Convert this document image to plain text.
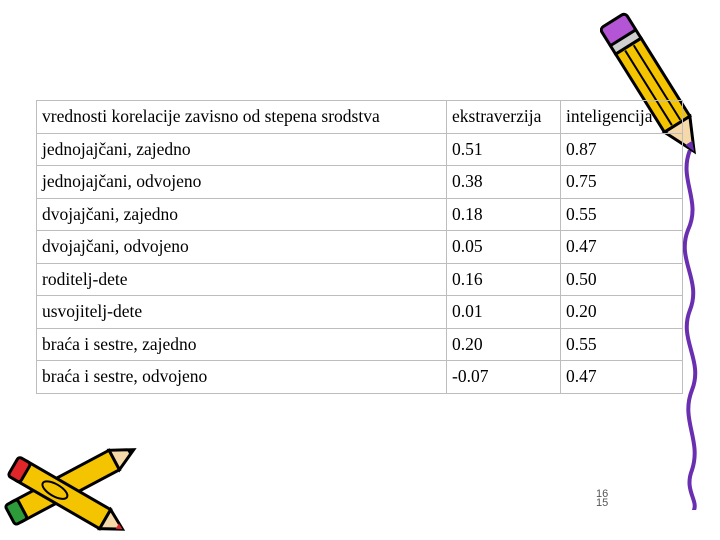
vrednosti korelacije zavisno od stepena srodstva	ekstraverzija	inteligencija
jednojajčani, zajedno	0.51	0.87
jednojajčani, odvojeno	0.38	0.75
dvojajčani, zajedno	0.18	0.55
dvojajčani, odvojeno	0.05	0.47
roditelj-dete	0.16	0.50
usvojitelj-dete	0.01	0.20
braća i sestre, zajedno	0.20	0.55
braća i sestre, odvojeno	-0.07	0.47
16
15
